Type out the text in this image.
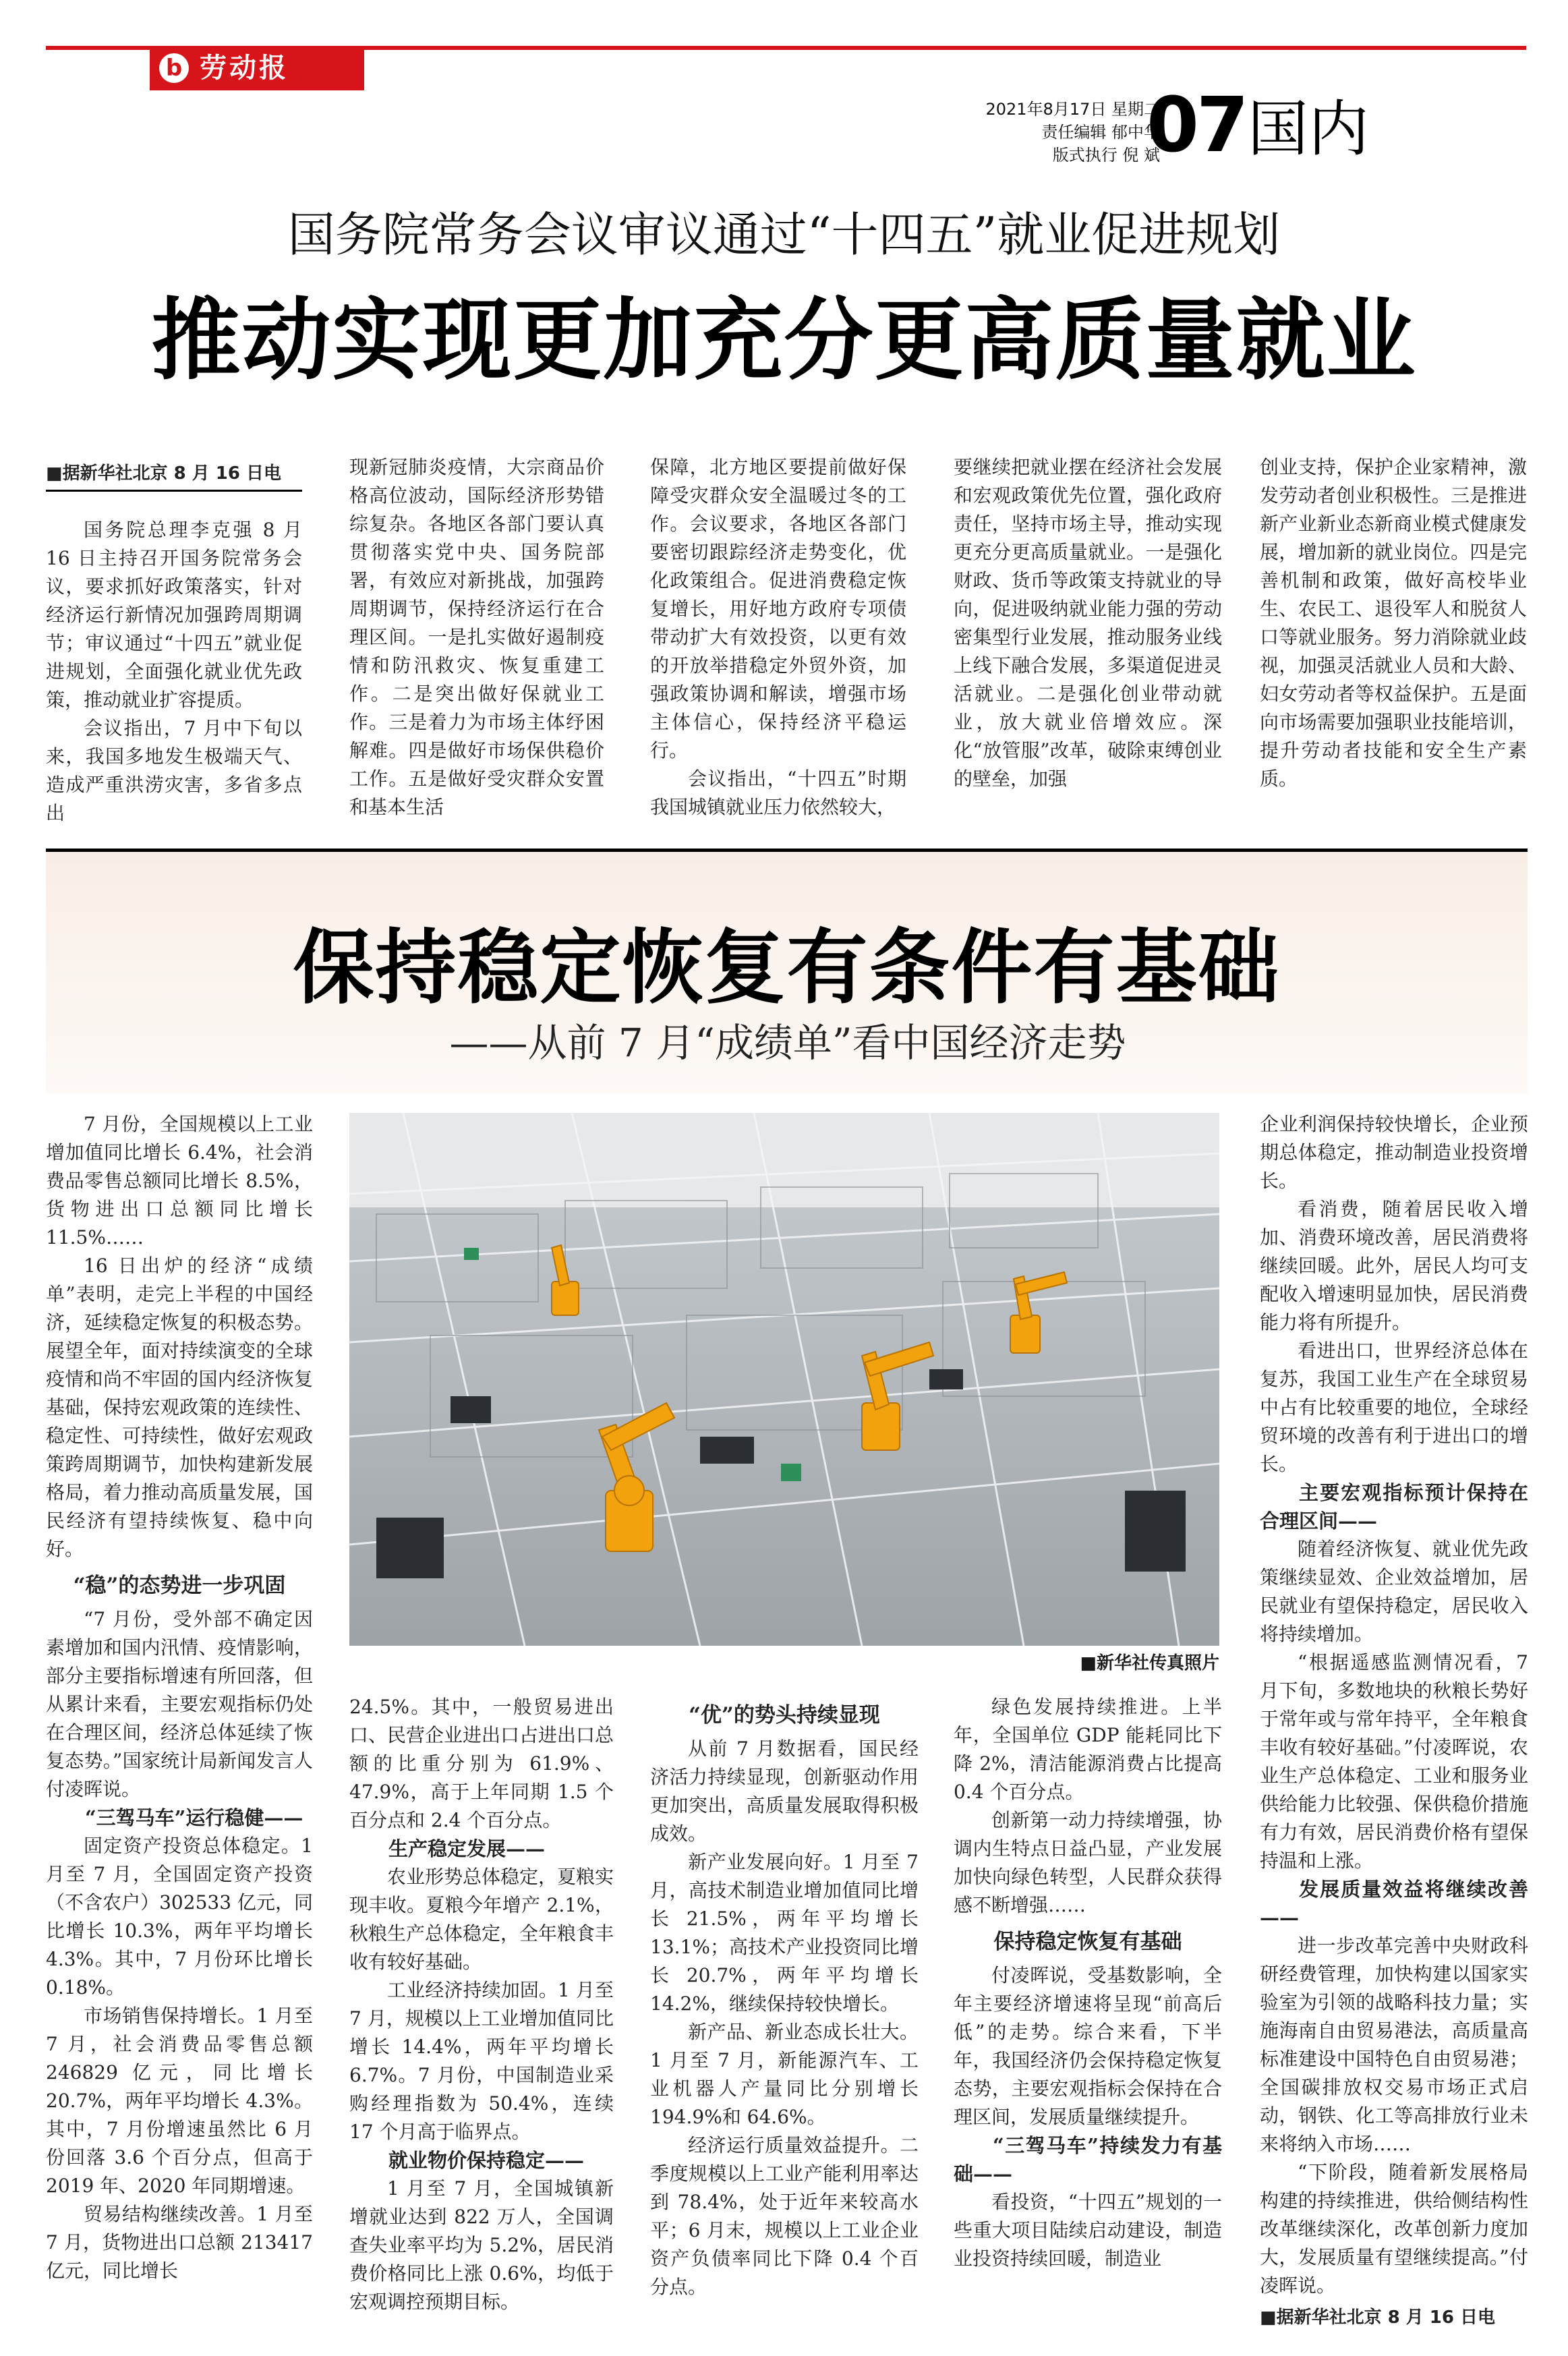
b 劳动报
2021年8月17日 星期二
责任编辑 郁中华
版式执行 倪 斌
07 国内
国务院常务会议审议通过“十四五”就业促进规划
推动实现更加充分更高质量就业
■据新华社北京 8 月 16 日电

国务院总理李克强 8 月 16 日主持召开国务院常务会议，要求抓好政策落实，针对经济运行新情况加强跨周期调节；审议通过“十四五”就业促进规划，全面强化就业优先政策，推动就业扩容提质。

会议指出，7 月中下旬以来，我国多地发生极端天气、造成严重洪涝灾害，多省多点出

现新冠肺炎疫情，大宗商品价格高位波动，国际经济形势错综复杂。各地区各部门要认真贯彻落实党中央、国务院部署，有效应对新挑战，加强跨周期调节，保持经济运行在合理区间。一是扎实做好遏制疫情和防汛救灾、恢复重建工作。二是突出做好保就业工作。三是着力为市场主体纾困解难。四是做好市场保供稳价工作。五是做好受灾群众安置和基本生活

保障，北方地区要提前做好保障受灾群众安全温暖过冬的工作。会议要求，各地区各部门要密切跟踪经济走势变化，优化政策组合。促进消费稳定恢复增长，用好地方政府专项债带动扩大有效投资，以更有效的开放举措稳定外贸外资，加强政策协调和解读，增强市场主体信心，保持经济平稳运行。

会议指出，“十四五”时期我国城镇就业压力依然较大，

要继续把就业摆在经济社会发展和宏观政策优先位置，强化政府责任，坚持市场主导，推动实现更充分更高质量就业。一是强化财政、货币等政策支持就业的导向，促进吸纳就业能力强的劳动密集型行业发展，推动服务业线上线下融合发展，多渠道促进灵活就业。二是强化创业带动就业，放大就业倍增效应。深化“放管服”改革，破除束缚创业的壁垒，加强

创业支持，保护企业家精神，激发劳动者创业积极性。三是推进新产业新业态新商业模式健康发展，增加新的就业岗位。四是完善机制和政策，做好高校毕业生、农民工、退役军人和脱贫人口等就业服务。努力消除就业歧视，加强灵活就业人员和大龄、妇女劳动者等权益保护。五是面向市场需要加强职业技能培训，提升劳动者技能和安全生产素质。

保持稳定恢复有条件有基础
——从前 7 月“成绩单”看中国经济走势
■新华社传真照片

7 月份，全国规模以上工业增加值同比增长 6.4%，社会消费品零售总额同比增长 8.5%，货物进出口总额同比增长 11.5%……

16 日出炉的经济“成绩单”表明，走完上半程的中国经济，延续稳定恢复的积极态势。展望全年，面对持续演变的全球疫情和尚不牢固的国内经济恢复基础，保持宏观政策的连续性、稳定性、可持续性，做好宏观政策跨周期调节，加快构建新发展格局，着力推动高质量发展，国民经济有望持续恢复、稳中向好。

“稳”的态势进一步巩固

“7 月份，受外部不确定因素增加和国内汛情、疫情影响，部分主要指标增速有所回落，但从累计来看，主要宏观指标仍处在合理区间，经济总体延续了恢复态势。”国家统计局新闻发言人付凌晖说。

“三驾马车”运行稳健——

固定资产投资总体稳定。1 月至 7 月，全国固定资产投资（不含农户）302533 亿元，同比增长 10.3%，两年平均增长 4.3%。其中，7 月份环比增长 0.18%。

市场销售保持增长。1 月至 7 月，社会消费品零售总额 246829 亿元，同比增长 20.7%，两年平均增长 4.3%。其中，7 月份增速虽然比 6 月份回落 3.6 个百分点，但高于 2019 年、2020 年同期增速。

贸易结构继续改善。1 月至 7 月，货物进出口总额 213417 亿元，同比增长

24.5%。其中，一般贸易进出口、民营企业进出口占进出口总额的比重分别为 61.9%、47.9%，高于上年同期 1.5 个百分点和 2.4 个百分点。

生产稳定发展——

农业形势总体稳定，夏粮实现丰收。夏粮今年增产 2.1%，秋粮生产总体稳定，全年粮食丰收有较好基础。

工业经济持续加固。1 月至 7 月，规模以上工业增加值同比增长 14.4%，两年平均增长 6.7%。7 月份，中国制造业采购经理指数为 50.4%，连续 17 个月高于临界点。

就业物价保持稳定——

1 月至 7 月，全国城镇新增就业达到 822 万人，全国调查失业率平均为 5.2%，居民消费价格同比上涨 0.6%，均低于宏观调控预期目标。

“优”的势头持续显现

从前 7 月数据看，国民经济活力持续显现，创新驱动作用更加突出，高质量发展取得积极成效。

新产业发展向好。1 月至 7 月，高技术制造业增加值同比增长 21.5%，两年平均增长 13.1%；高技术产业投资同比增长 20.7%，两年平均增长 14.2%，继续保持较快增长。

新产品、新业态成长壮大。1 月至 7 月，新能源汽车、工业机器人产量同比分别增长 194.9%和 64.6%。

经济运行质量效益提升。二季度规模以上工业产能利用率达到 78.4%，处于近年来较高水平；6 月末，规模以上工业企业资产负债率同比下降 0.4 个百分点。

绿色发展持续推进。上半年，全国单位 GDP 能耗同比下降 2%，清洁能源消费占比提高 0.4 个百分点。

创新第一动力持续增强，协调内生特点日益凸显，产业发展加快向绿色转型，人民群众获得感不断增强……

保持稳定恢复有基础

付凌晖说，受基数影响，全年主要经济增速将呈现“前高后低”的走势。综合来看，下半年，我国经济仍会保持稳定恢复态势，主要宏观指标会保持在合理区间，发展质量继续提升。

“三驾马车”持续发力有基础——

看投资，“十四五”规划的一些重大项目陆续启动建设，制造业投资持续回暖，制造业

企业利润保持较快增长，企业预期总体稳定，推动制造业投资增长。

看消费，随着居民收入增加、消费环境改善，居民消费将继续回暖。此外，居民人均可支配收入增速明显加快，居民消费能力将有所提升。

看进出口，世界经济总体在复苏，我国工业生产在全球贸易中占有比较重要的地位，全球经贸环境的改善有利于进出口的增长。

主要宏观指标预计保持在合理区间——

随着经济恢复、就业优先政策继续显效、企业效益增加，居民就业有望保持稳定，居民收入将持续增加。

“根据遥感监测情况看，7 月下旬，多数地块的秋粮长势好于常年或与常年持平，全年粮食丰收有较好基础。”付凌晖说，农业生产总体稳定、工业和服务业供给能力比较强、保供稳价措施有力有效，居民消费价格有望保持温和上涨。

发展质量效益将继续改善——

进一步改革完善中央财政科研经费管理，加快构建以国家实验室为引领的战略科技力量；实施海南自由贸易港法，高质量高标准建设中国特色自由贸易港；全国碳排放权交易市场正式启动，钢铁、化工等高排放行业未来将纳入市场……

“下阶段，随着新发展格局构建的持续推进，供给侧结构性改革继续深化，改革创新力度加大，发展质量有望继续提高。”付凌晖说。

■据新华社北京 8 月 16 日电
